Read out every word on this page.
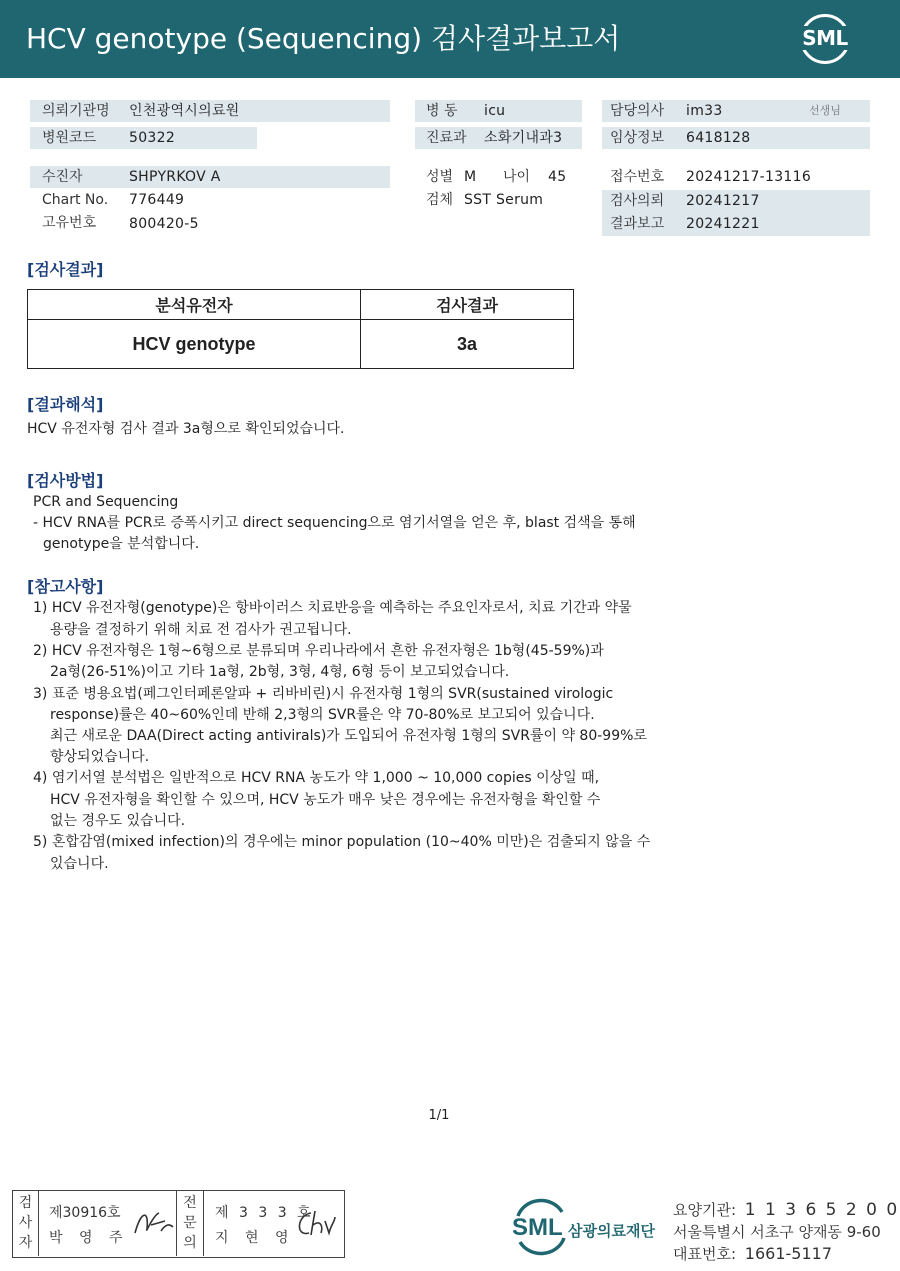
HCV genotype (Sequencing) 검사결과보고서	SML
의뢰기관명 인천광역시의료원
병원코드 50322
수진자	SHPYRKOV A
Chart No. 776449
고유번호 800420-5
병 동 icu
진료과 소화기내과3
성별 M 나이 45
검체 SST Serum
담당의사 im33	선생님
임상정보 6418128
접수번호 20241217-13116
검사의뢰 20241217
결과보고 20241221
[검사결과]
분석유전자	검사결과
HCV genotype	3a
[결과해석]
HCV 유전자형 검사 결과 3a형으로 확인되었습니다.
[검사방법]
PCR and Sequencing
- HCV RNA를 PCR로 증폭시키고 direct sequencing으로 염기서열을 얻은 후, blast 검색을 통해
genotype을 분석합니다.
[참고사항]
1) HCV 유전자형(genotype)은 항바이러스 치료반응을 예측하는 주요인자로서, 치료 기간과 약물
용량을 결정하기 위해 치료 전 검사가 권고됩니다.
2) HCV 유전자형은 1형~6형으로 분류되며 우리나라에서 흔한 유전자형은 1b형(45-59%)과
2a형(26-51%)이고 기타 1a형, 2b형, 3형, 4형, 6형 등이 보고되었습니다.
3) 표준 병용요법(페그인터페론알파 + 리바비린)시 유전자형 1형의 SVR(sustained virologic
response)률은 40~60%인데 반해 2,3형의 SVR률은 약 70-80%로 보고되어 있습니다.
최근 새로운 DAA(Direct acting antivirals)가 도입되어 유전자형 1형의 SVR률이 약 80-99%로
향상되었습니다.
4) 염기서열 분석법은 일반적으로 HCV RNA 농도가 약 1,000 ~ 10,000 copies 이상일 때,
HCV 유전자형을 확인할 수 있으며, HCV 농도가 매우 낮은 경우에는 유전자형을 확인할 수
없는 경우도 있습니다.
5) 혼합감염(mixed infection)의 경우에는 minor population (10~40% 미만)은 검출되지 않을 수
있습니다.
1/1
검사자
제30916호
박 영 주
전문의
제 3 3 3 호
지 현 영	SML 삼광의료재단
요양기관: 1 1 3 6 5 2 0 0
서울특별시 서초구 양재동 9-60
대표번호: 1661-5117
